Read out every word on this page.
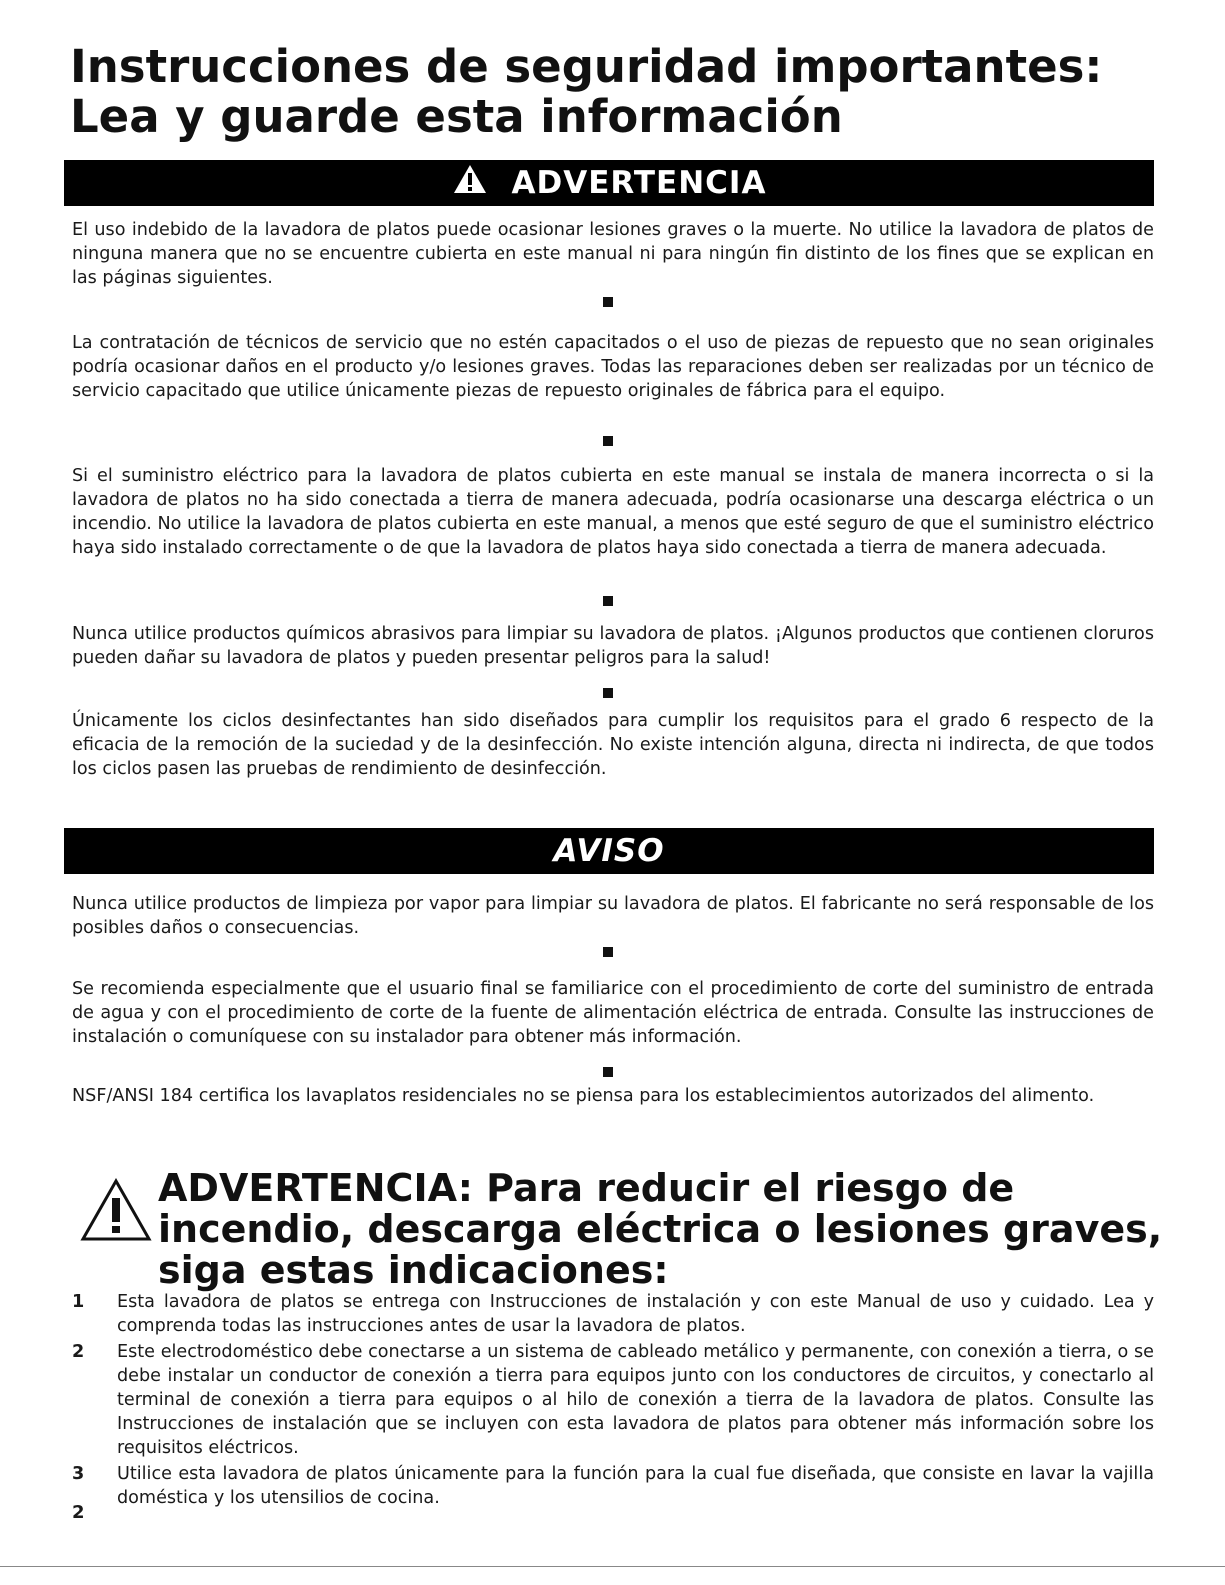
Instrucciones de seguridad importantes: Lea y guarde esta información
ADVERTENCIA

El uso indebido de la lavadora de platos puede ocasionar lesiones graves o la muerte. No utilice la lavadora de platos de ninguna manera que no se encuentre cubierta en este manual ni para ningún fin distinto de los fines que se explican en las páginas siguientes.

La contratación de técnicos de servicio que no estén capacitados o el uso de piezas de repuesto que no sean originales podría ocasionar daños en el producto y/o lesiones graves. Todas las reparaciones deben ser realizadas por un técnico de servicio capacitado que utilice únicamente piezas de repuesto originales de fábrica para el equipo.

Si el suministro eléctrico para la lavadora de platos cubierta en este manual se instala de manera incorrecta o si la lavadora de platos no ha sido conectada a tierra de manera adecuada, podría ocasionarse una descarga eléctrica o un incendio. No utilice la lavadora de platos cubierta en este manual, a menos que esté seguro de que el suministro eléctrico haya sido instalado correctamente o de que la lavadora de platos haya sido conectada a tierra de manera adecuada.

Nunca utilice productos químicos abrasivos para limpiar su lavadora de platos. ¡Algunos productos que contienen cloruros pueden dañar su lavadora de platos y pueden presentar peligros para la salud!

Únicamente los ciclos desinfectantes han sido diseñados para cumplir los requisitos para el grado 6 respecto de la eficacia de la remoción de la suciedad y de la desinfección. No existe intención alguna, directa ni indirecta, de que todos los ciclos pasen las pruebas de rendimiento de desinfección.

AVISO

Nunca utilice productos de limpieza por vapor para limpiar su lavadora de platos. El fabricante no será responsable de los posibles daños o consecuencias.

Se recomienda especialmente que el usuario final se familiarice con el procedimiento de corte del suministro de entrada de agua y con el procedimiento de corte de la fuente de alimentación eléctrica de entrada. Consulte las instrucciones de instalación o comuníquese con su instalador para obtener más información.

NSF/ANSI 184 certifica los lavaplatos residenciales no se piensa para los establecimientos autorizados del alimento.

ADVERTENCIA: Para reducir el riesgo de incendio, descarga eléctrica o lesiones graves, siga estas indicaciones:

1 Esta lavadora de platos se entrega con Instrucciones de instalación y con este Manual de uso y cuidado. Lea y comprenda todas las instrucciones antes de usar la lavadora de platos.
2 Este electrodoméstico debe conectarse a un sistema de cableado metálico y permanente, con conexión a tierra, o se debe instalar un conductor de conexión a tierra para equipos junto con los conductores de circuitos, y conectarlo al terminal de conexión a tierra para equipos o al hilo de conexión a tierra de la lavadora de platos. Consulte las Instrucciones de instalación que se incluyen con esta lavadora de platos para obtener más información sobre los requisitos eléctricos.
3 Utilice esta lavadora de platos únicamente para la función para la cual fue diseñada, que consiste en lavar la vajilla doméstica y los utensilios de cocina.
2
